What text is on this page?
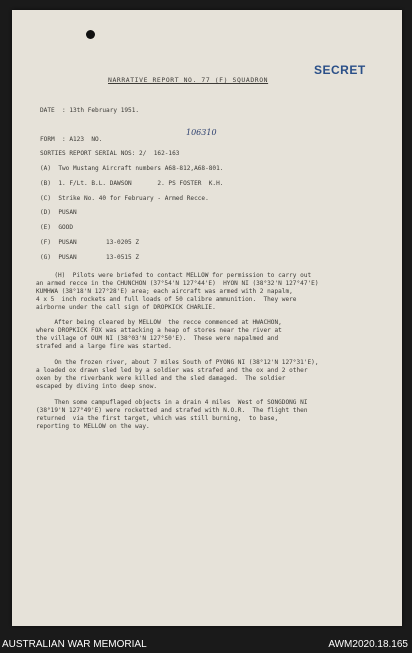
SECRET
NARRATIVE REPORT NO. 77 (F) SQUADRON
DATE  : 13th February 1951.
106310
FORM  : A123  NO.
SORTIES REPORT SERIAL NOS: 2/  162-163
(A)  Two Mustang Aircraft numbers A68-812,A68-801.
(B)  1. F/Lt. B.L. DAWSON       2. PS FOSTER  K.H.
(C)  Strike No. 40 for February - Armed Recce.
(D)  PUSAN
(E)  GOOD
(F)  PUSAN        13-0205 Z
(G)  PUSAN        13-0515 Z
(H)  Pilots were briefed to contact MELLOW for permission to carry out
an armed recce in the CHUNCHON (37°54'N 127°44'E)  HYON NI (38°32'N 127°47'E)
KUMHWA (38°18'N 127°28'E) area; each aircraft was armed with 2 napalm,
4 x 5  inch rockets and full loads of 50 calibre ammunition.  They were
airborne under the call sign of DROPKICK CHARLIE.
After being cleared by MELLOW  the recce commenced at HWACHON,
where DROPKICK FOX was attacking a heap of stores near the river at
the village of OUM NI (38°03'N 127°50'E).  These were napalmed and
strafed and a large fire was started.
On the frozen river, about 7 miles South of PYONG NI (38°12'N 127°31'E),
a loaded ox drawn sled led by a soldier was strafed and the ox and 2 other
oxen by the riverbank were killed and the sled damaged.  The soldier
escaped by diving into deep snow.
Then some campuflaged objects in a drain 4 miles  West of SONGDONG NI
(38°19'N 127°49'E) were rocketted and strafed with N.O.R.  The flight then
returned  via the first target, which was still burning,  to base,
reporting to MELLOW on the way.
AUSTRALIAN WAR MEMORIAL	AWM2020.18.165
